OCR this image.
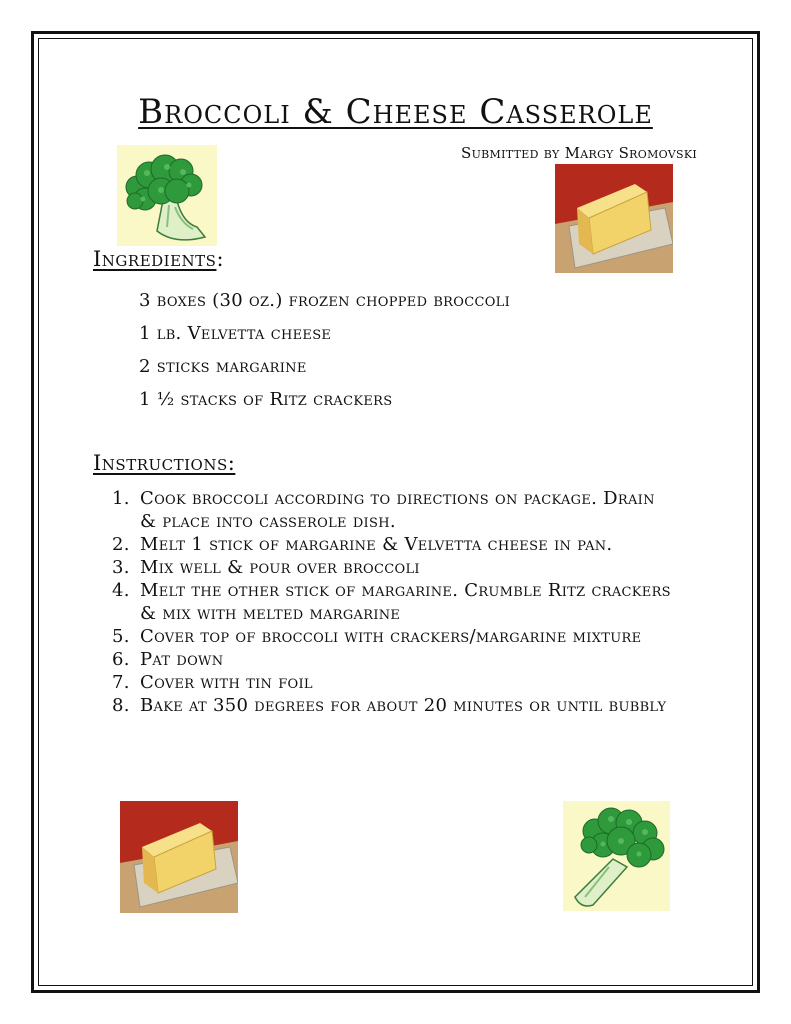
Broccoli & Cheese Casserole
Submitted by Margy Sromovski
Ingredients:
3 boxes (30 oz.) frozen chopped broccoli
1 lb. Velvetta cheese
2 sticks margarine
1 ½ stacks of Ritz crackers
Instructions:
1. Cook broccoli according to directions on package. Drain & place into casserole dish.
2. Melt 1 stick of margarine & Velvetta cheese in pan.
3. Mix well & pour over broccoli
4. Melt the other stick of margarine. Crumble Ritz crackers & mix with melted margarine
5. Cover top of broccoli with crackers/margarine mixture
6. Pat down
7. Cover with tin foil
8. Bake at 350 degrees for about 20 minutes or until bubbly
